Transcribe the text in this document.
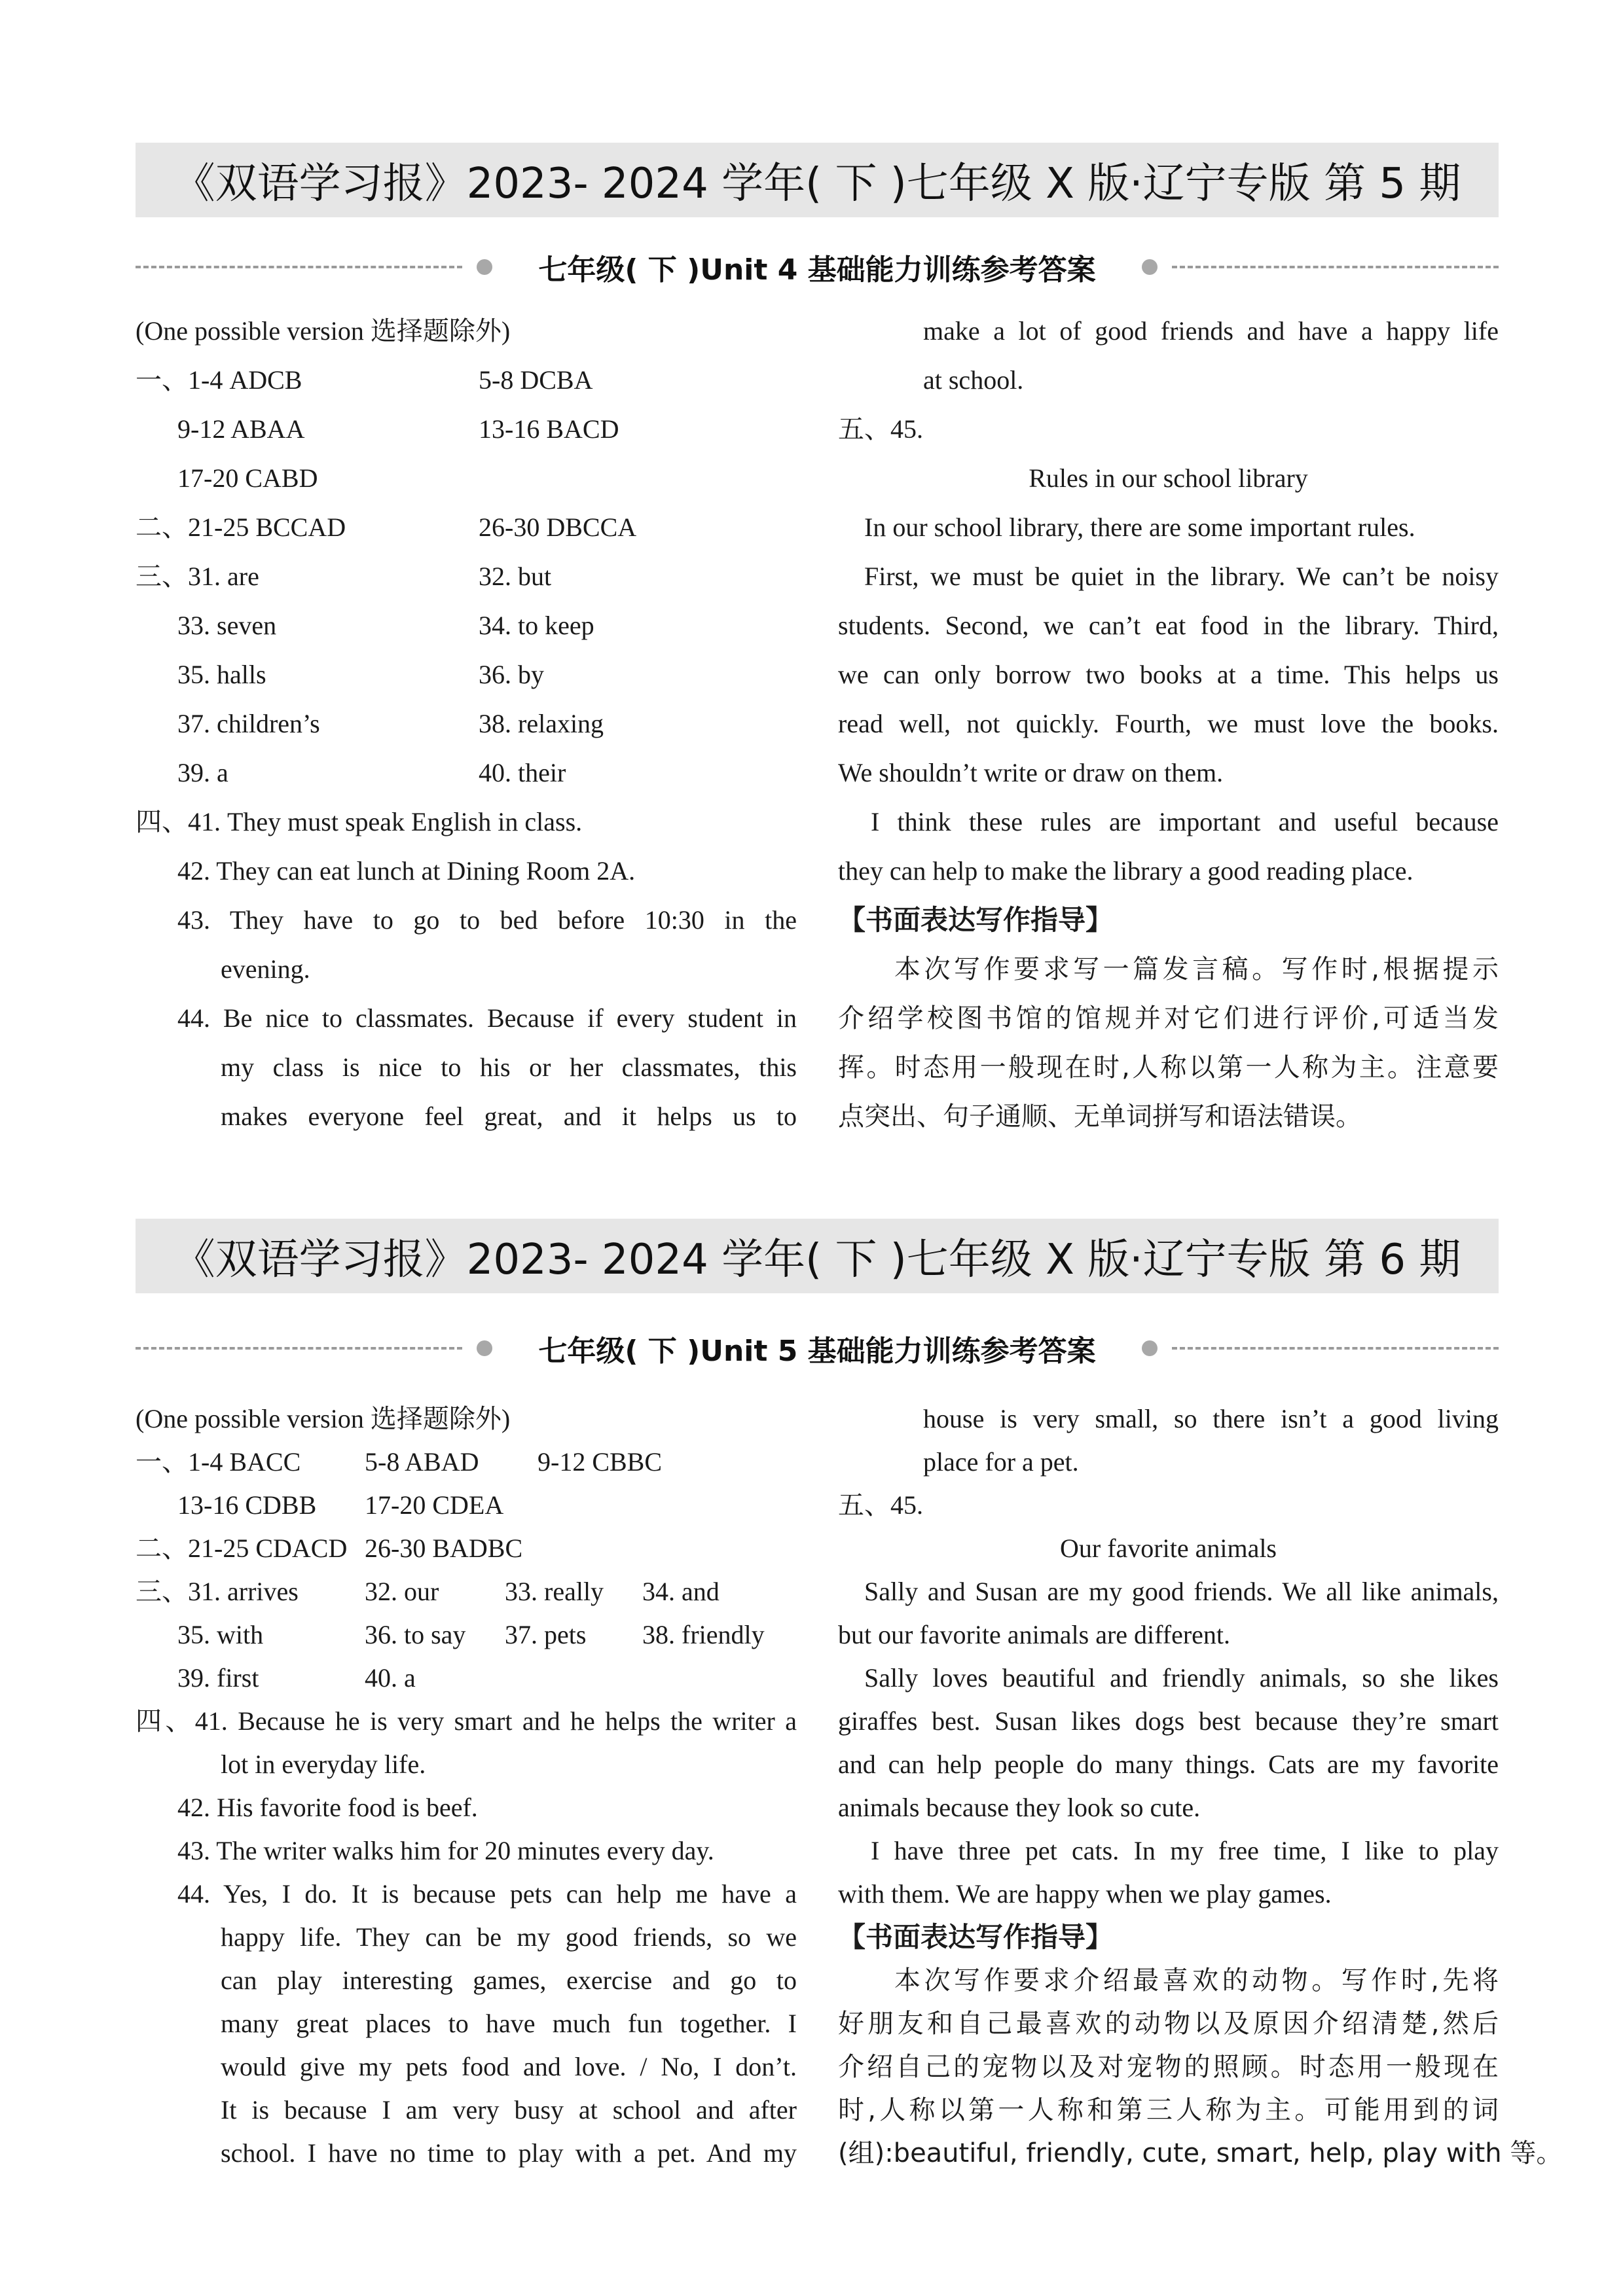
《双语学习报》2023- 2024 学年( 下 )七年级 X 版·辽宁专版 第 5 期
七年级( 下 )Unit 4 基础能力训练参考答案
(One possible version 选择题除外)
一、1-4 ADCB	5-8 DCBA
9-12 ABAA	13-16 BACD
17-20 CABD
二、21-25 BCCAD	26-30 DBCCA
三、31. are	32. but
33. seven	34. to keep
35. halls	36. by
37. children’s	38. relaxing
39. a	40. their
四、41. They must speak English in class.
42. They can eat lunch at Dining Room 2A.
43. They have to go to bed before 10:30 in the
evening.
44. Be nice to classmates. Because if every student in
my class is nice to his or her classmates, this
makes everyone feel great, and it helps us to
make a lot of good friends and have a happy life
at school.
五、45.
Rules in our school library
In our school library, there are some important rules.
First, we must be quiet in the library. We can’t be noisy
students. Second, we can’t eat food in the library. Third,
we can only borrow two books at a time. This helps us
read well, not quickly. Fourth, we must love the books.
We shouldn’t write or draw on them.
I think these rules are important and useful because
they can help to make the library a good reading place.
【书面表达写作指导】
本次写作要求写一篇发言稿。写作时,根据提示
介绍学校图书馆的馆规并对它们进行评价,可适当发
挥。时态用一般现在时,人称以第一人称为主。注意要
点突出、句子通顺、无单词拼写和语法错误。
《双语学习报》2023- 2024 学年( 下 )七年级 X 版·辽宁专版 第 6 期
七年级( 下 )Unit 5 基础能力训练参考答案
(One possible version 选择题除外)
一、1-4 BACC 5-8 ABAD 9-12 CBBC
13-16 CDBB 17-20 CDEA
二、21-25 CDACD 26-30 BADBC
三、31. arrives	32. our	33. really 34. and
35. with	36. to say 37. pets 38. friendly
39. first	40. a
四、41. Because he is very smart and he helps the writer a
lot in everyday life.
42. His favorite food is beef.
43. The writer walks him for 20 minutes every day.
44. Yes, I do. It is because pets can help me have a
happy life. They can be my good friends, so we
can play interesting games, exercise and go to
many great places to have much fun together. I
would give my pets food and love. / No, I don’t.
It is because I am very busy at school and after
school. I have no time to play with a pet. And my
house is very small, so there isn’t a good living
place for a pet.
五、45.
Our favorite animals
Sally and Susan are my good friends. We all like animals,
but our favorite animals are different.
Sally loves beautiful and friendly animals, so she likes
giraffes best. Susan likes dogs best because they’re smart
and can help people do many things. Cats are my favorite
animals because they look so cute.
I have three pet cats. In my free time, I like to play
with them. We are happy when we play games.
【书面表达写作指导】
本次写作要求介绍最喜欢的动物。写作时,先将
好朋友和自己最喜欢的动物以及原因介绍清楚,然后
介绍自己的宠物以及对宠物的照顾。时态用一般现在
时,人称以第一人称和第三人称为主。可能用到的词
(组):beautiful, friendly, cute, smart, help, play with 等。
